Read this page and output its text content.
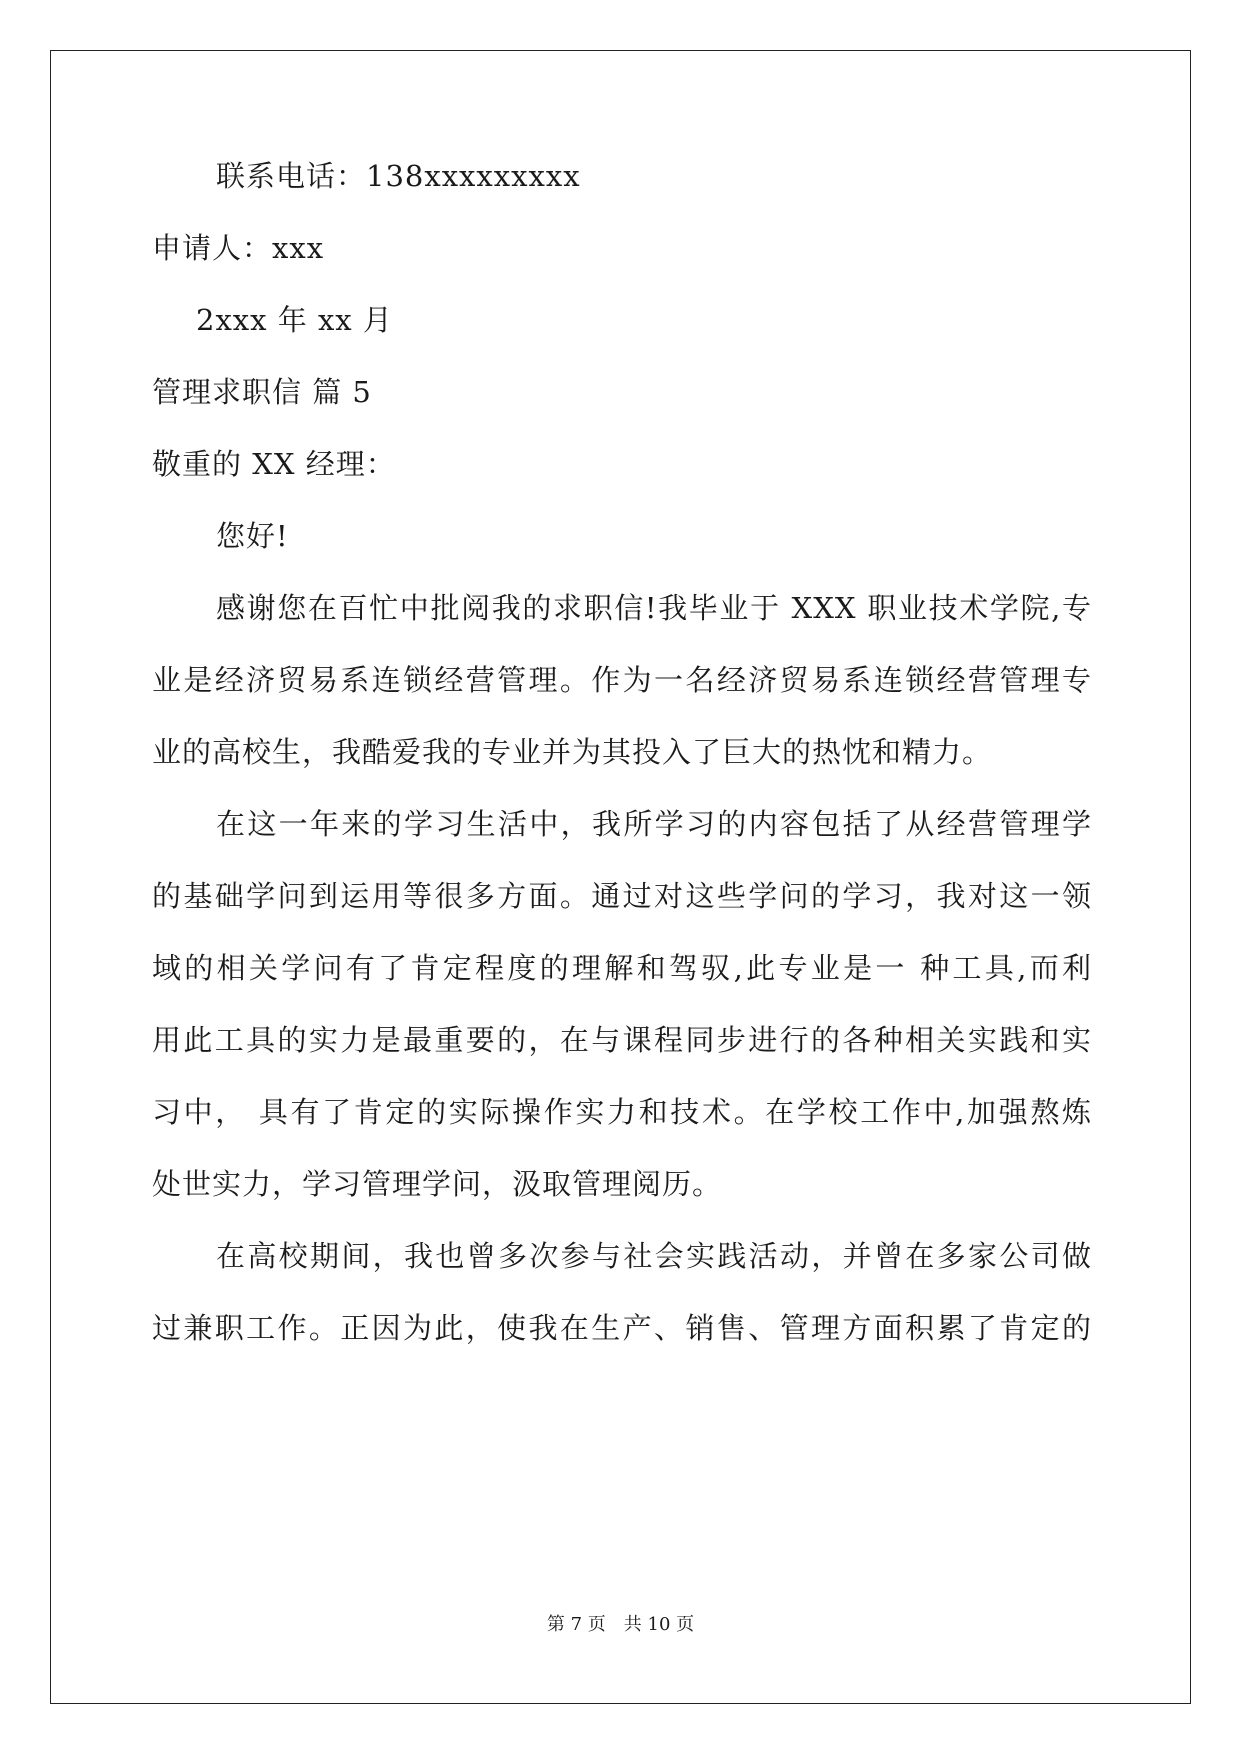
联系电话：138xxxxxxxxx
申请人：xxx
2xxx 年 xx 月
管理求职信 篇 5
敬重的 XX 经理：
您好!
感谢您在百忙中批阅我的求职信!我毕业于 XXX 职业技术学院,专
业是经济贸易系连锁经营管理。作为一名经济贸易系连锁经营管理专
业的高校生，我酷爱我的专业并为其投入了巨大的热忱和精力。
在这一年来的学习生活中，我所学习的内容包括了从经营管理学
的基础学问到运用等很多方面。通过对这些学问的学习，我对这一领
域的相关学问有了肯定程度的理解和驾驭,此专业是一 种工具,而利
用此工具的实力是最重要的，在与课程同步进行的各种相关实践和实
习中， 具有了肯定的实际操作实力和技术。在学校工作中,加强熬炼
处世实力，学习管理学问，汲取管理阅历。
在高校期间，我也曾多次参与社会实践活动，并曾在多家公司做
过兼职工作。正因为此，使我在生产、销售、管理方面积累了肯定的
第 7 页　共 10 页
